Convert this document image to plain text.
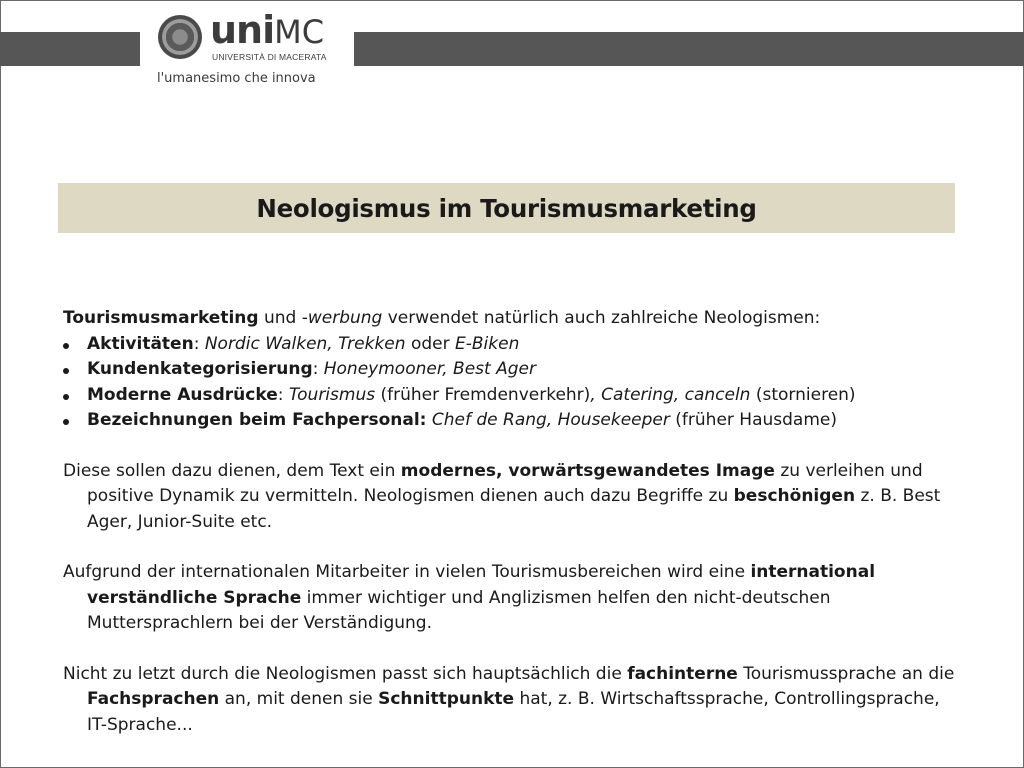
uniMC
UNIVERSITÀ DI MACERATA
l'umanesimo che innova
Neologismus im Tourismusmarketing

Tourismusmarketing und -werbung verwendet natürlich auch zahlreiche Neologismen:

Aktivitäten: Nordic Walken, Trekken oder E-Biken
Kundenkategorisierung: Honeymooner, Best Ager
Moderne Ausdrücke: Tourismus (früher Fremdenverkehr), Catering, canceln (stornieren)
Bezeichnungen beim Fachpersonal: Chef de Rang, Housekeeper (früher Hausdame)

Diese sollen dazu dienen, dem Text ein modernes, vorwärtsgewandetes Image zu verleihen und positive Dynamik zu vermitteln. Neologismen dienen auch dazu Begriffe zu beschönigen z. B. Best Ager, Junior-Suite etc.

Aufgrund der internationalen Mitarbeiter in vielen Tourismusbereichen wird eine international verständliche Sprache immer wichtiger und Anglizismen helfen den nicht-deutschen Muttersprachlern bei der Verständigung.

Nicht zu letzt durch die Neologismen passt sich hauptsächlich die fachinterne Tourismussprache an die Fachsprachen an, mit denen sie Schnittpunkte hat, z. B. Wirtschaftssprache, Controllingsprache, IT-Sprache...
